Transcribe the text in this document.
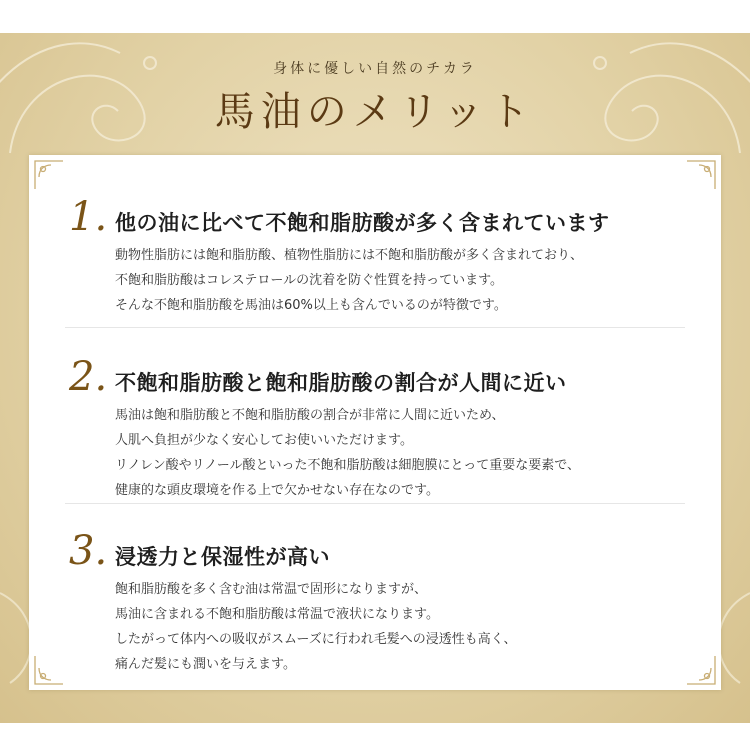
身体に優しい自然のチカラ
馬油のメリット
1. 他の油に比べて不飽和脂肪酸が多く含まれています
動物性脂肪には飽和脂肪酸、植物性脂肪には不飽和脂肪酸が多く含まれており、
不飽和脂肪酸はコレステロールの沈着を防ぐ性質を持っています。
そんな不飽和脂肪酸を馬油は60%以上も含んでいるのが特徴です。
2. 不飽和脂肪酸と飽和脂肪酸の割合が人間に近い
馬油は飽和脂肪酸と不飽和脂肪酸の割合が非常に人間に近いため、
人肌へ負担が少なく安心してお使いいただけます。
リノレン酸やリノール酸といった不飽和脂肪酸は細胞膜にとって重要な要素で、
健康的な頭皮環境を作る上で欠かせない存在なのです。
3. 浸透力と保湿性が高い
飽和脂肪酸を多く含む油は常温で固形になりますが、
馬油に含まれる不飽和脂肪酸は常温で液状になります。
したがって体内への吸収がスムーズに行われ毛髪への浸透性も高く、
痛んだ髪にも潤いを与えます。
